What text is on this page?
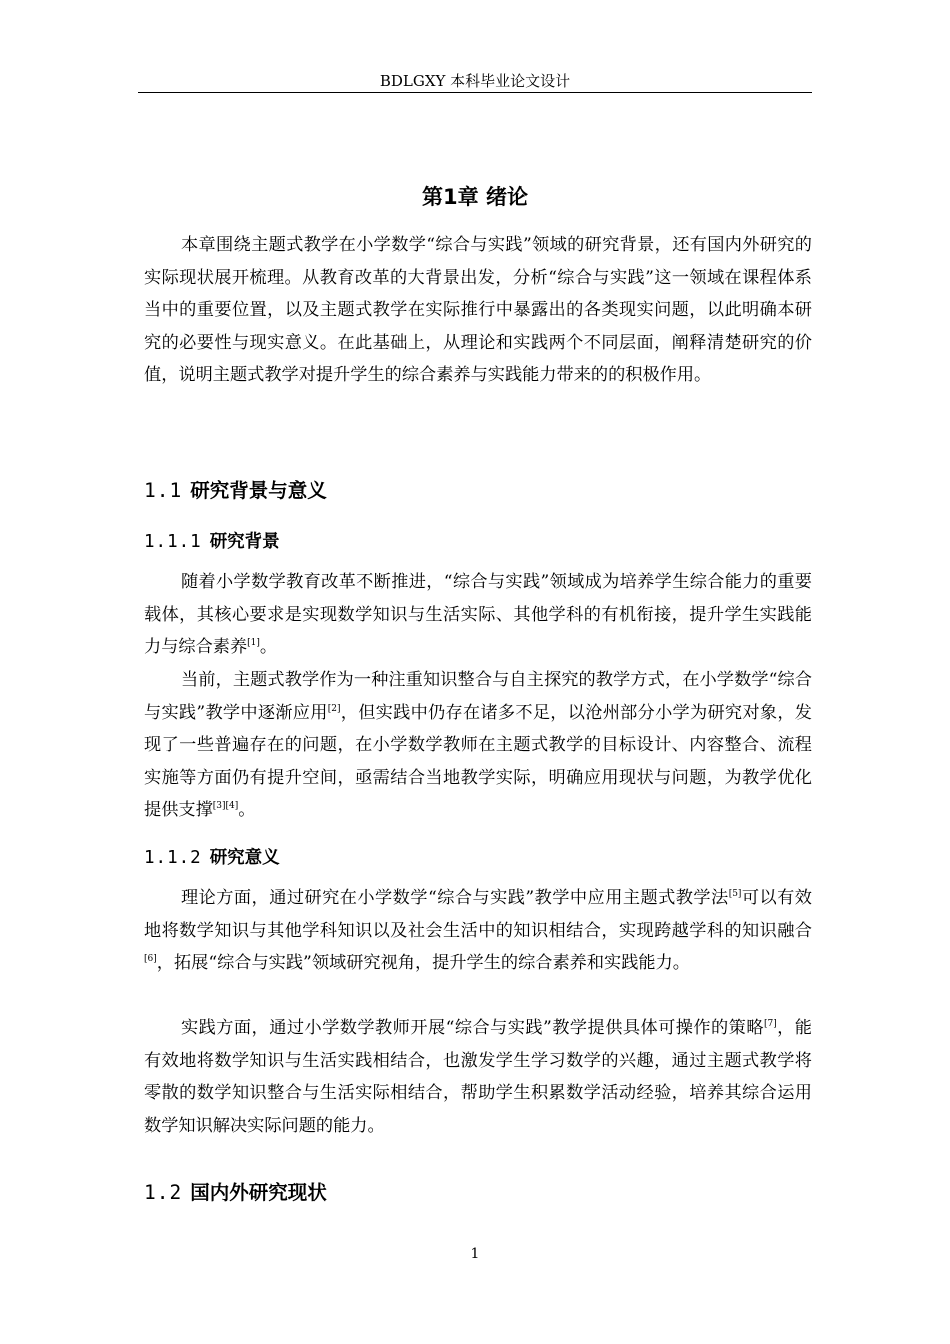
BDLGXY 本科毕业论文设计
第1章 绪论

本章围绕主题式教学在小学数学“综合与实践”领域的研究背景，还有国内外研究的实际现状展开梳理。从教育改革的大背景出发，分析“综合与实践”这一领域在课程体系当中的重要位置，以及主题式教学在实际推行中暴露出的各类现实问题，以此明确本研究的必要性与现实意义。在此基础上，从理论和实践两个不同层面，阐释清楚研究的价值，说明主题式教学对提升学生的综合素养与实践能力带来的的积极作用。

1.1 研究背景与意义
1.1.1 研究背景

随着小学数学教育改革不断推进，“综合与实践”领域成为培养学生综合能力的重要载体，其核心要求是实现数学知识与生活实际、其他学科的有机衔接，提升学生实践能力与综合素养[1]。

当前，主题式教学作为一种注重知识整合与自主探究的教学方式，在小学数学“综合与实践”教学中逐渐应用[2]，但实践中仍存在诸多不足，以沧州部分小学为研究对象，发现了一些普遍存在的问题，在小学数学教师在主题式教学的目标设计、内容整合、流程实施等方面仍有提升空间，亟需结合当地教学实际，明确应用现状与问题，为教学优化提供支撑[3][4]。

1.1.2 研究意义

理论方面，通过研究在小学数学“综合与实践”教学中应用主题式教学法[5]可以有效地将数学知识与其他学科知识以及社会生活中的知识相结合，实现跨越学科的知识融合[6]，拓展“综合与实践”领域研究视角，提升学生的综合素养和实践能力。

实践方面，通过小学数学教师开展“综合与实践”教学提供具体可操作的策略[7]，能有效地将数学知识与生活实践相结合，也激发学生学习数学的兴趣，通过主题式教学将零散的数学知识整合与生活实际相结合，帮助学生积累数学活动经验，培养其综合运用数学知识解决实际问题的能力。

1.2 国内外研究现状
1
